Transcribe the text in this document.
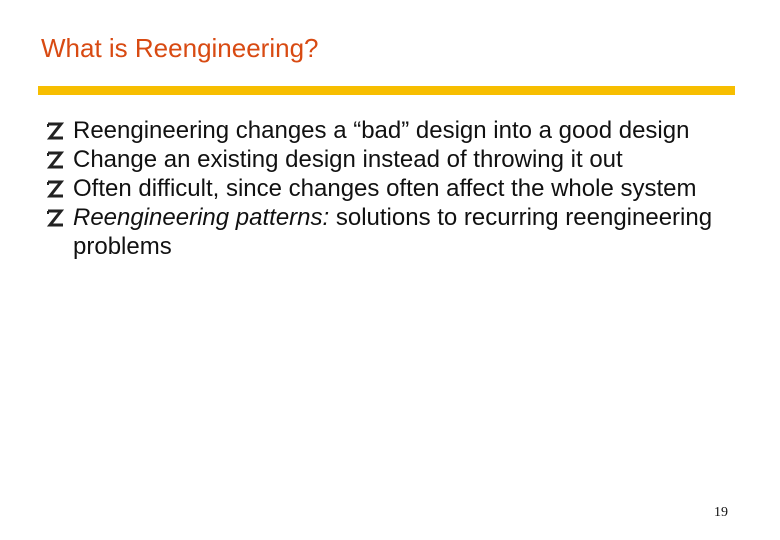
What is Reengineering?
Reengineering changes a “bad” design into a good design
Change an existing design instead of throwing it out
Often difficult, since changes often affect the whole system
Reengineering patterns: solutions to recurring reengineering problems
19
